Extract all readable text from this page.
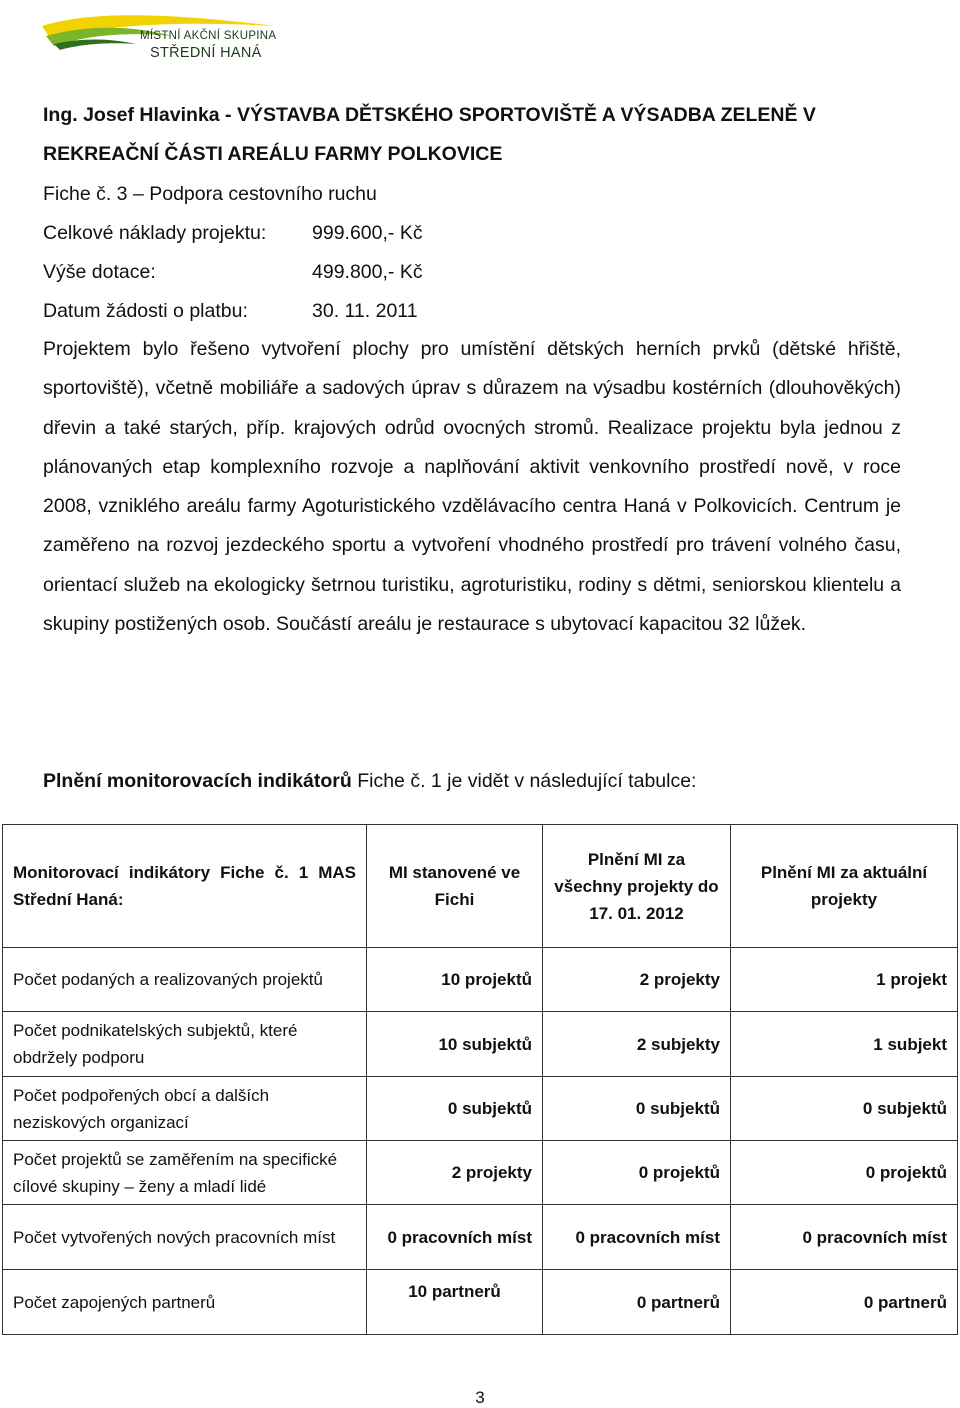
MÍSTNÍ AKČNÍ SKUPINA
STŘEDNÍ HANÁ
Ing. Josef Hlavinka - VÝSTAVBA DĚTSKÉHO SPORTOVIŠTĚ A VÝSADBA ZELENĚ V
REKREAČNÍ ČÁSTI AREÁLU FARMY POLKOVICE
Fiche č. 3 – Podpora cestovního ruchu
Celkové náklady projektu: 999.600,- Kč
Výše dotace:	499.800,- Kč
Datum žádosti o platbu:	30. 11. 2011
Projektem bylo řešeno vytvoření plochy pro umístění dětských herních prvků (dětské hřiště, sportoviště), včetně mobiliáře a sadových úprav s důrazem na výsadbu kostérních (dlouhověkých) dřevin a také starých, příp. krajových odrůd ovocných stromů. Realizace projektu byla jednou z plánovaných etap komplexního rozvoje a naplňování aktivit venkovního prostředí nově, v roce 2008, vzniklého areálu farmy Agoturistického vzdělávacího centra Haná v Polkovicích. Centrum je zaměřeno na rozvoj jezdeckého sportu a vytvoření vhodného prostředí pro trávení volného času, orientací služeb na ekologicky šetrnou turistiku, agroturistiku, rodiny s dětmi, seniorskou klientelu a skupiny postižených osob. Součástí areálu je restaurace s ubytovací kapacitou 32 lůžek.
Plnění monitorovacích indikátorů Fiche č. 1 je vidět v následující tabulce:
Monitorovací indikátory Fiche č. 1 MAS Střední Haná:	MI stanovené ve Fichi	Plnění MI za všechny projekty do 17. 01. 2012	Plnění MI za aktuální projekty
Počet podaných a realizovaných projektů	10 projektů	2 projekty	1 projekt
Počet podnikatelských subjektů, které obdržely podporu	10 subjektů	2 subjekty	1 subjekt
Počet podpořených obcí a dalších neziskových organizací	0 subjektů	0 subjektů	0 subjektů
Počet projektů se zaměřením na specifické cílové skupiny – ženy a mladí lidé	2 projekty	0 projektů	0 projektů
Počet vytvořených nových pracovních míst	0 pracovních míst	0 pracovních míst	0 pracovních míst
Počet zapojených partnerů	10 partnerů	0 partnerů	0 partnerů
3
